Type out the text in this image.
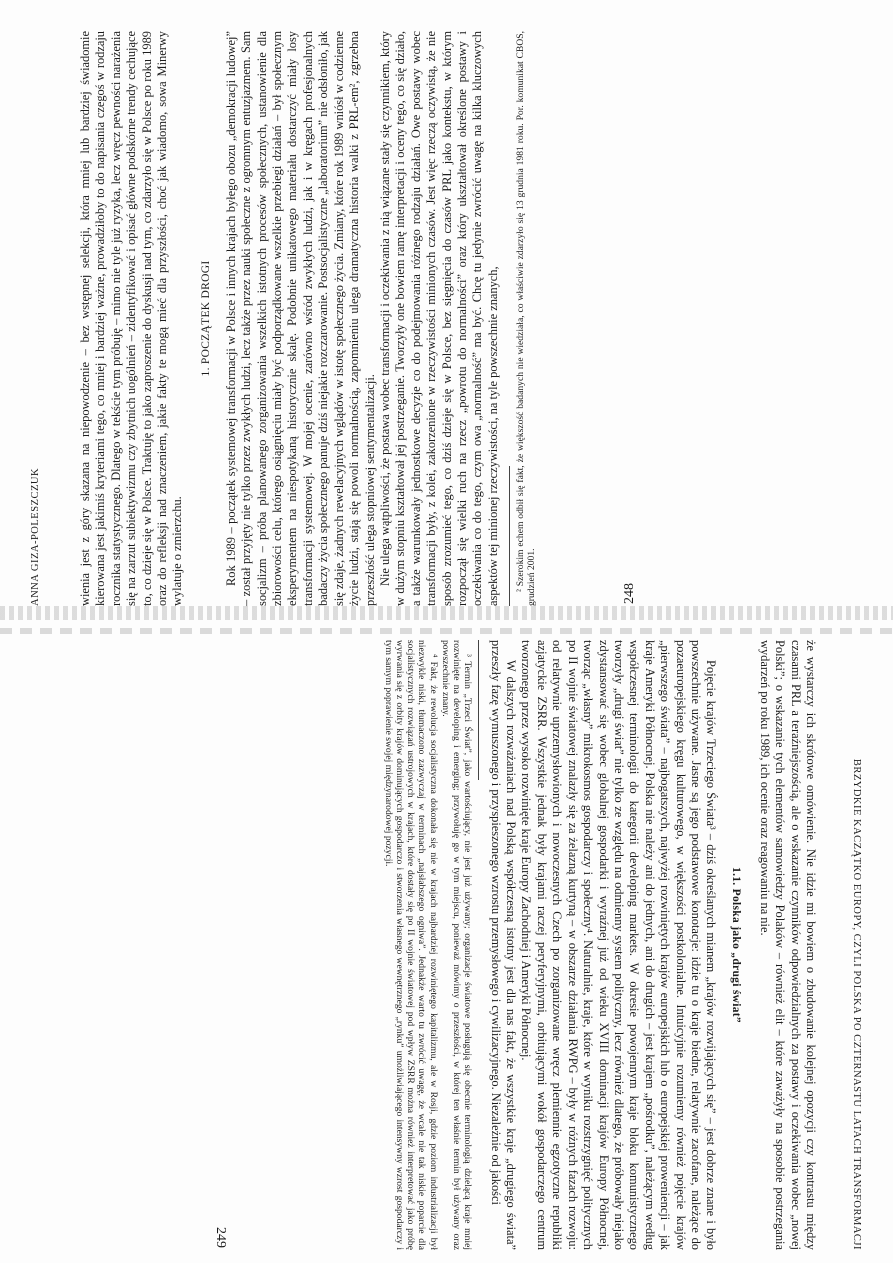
ANNA GIZA-POLESZCZUK	248

wienia jest z góry skazana na niepowodzenie – bez wstępnej selekcji, która mniej lub bardziej świadomie kierowana jest jakimiś kryteriami tego, co mniej i bardziej ważne, prowadziłoby to do napisania czegoś w rodzaju rocznika statystycznego. Dlatego w tekście tym próbuję – mimo nie tyle już ryzyka, lecz wręcz pewności narażenia się na zarzut subiektywizmu czy zbytnich uogólnień – zidentyfikować i opisać główne podskórne trendy cechujące to, co dzieje się w Polsce. Traktuję to jako zaproszenie do dyskusji nad tym, co zdarzyło się w Polsce po roku 1989 oraz do refleksji nad znaczeniem, jakie fakty te mogą mieć dla przyszłości, choć jak wiadomo, sowa Minerwy wylatuje o zmierzchu.

1. POCZĄTEK DROGI Rok 1989 – początek systemowej transformacji w Polsce i innych krajach byłego obozu „demokracji ludowej” – został przyjęty nie tylko przez zwykłych ludzi, lecz także przez nauki społeczne z ogromnym entuzjazmem. Sam socjalizm – próba planowanego zorganizowania wszelkich istotnych procesów społecznych, ustanowienie dla zbiorowości celu, którego osiągnięciu miały być podporządkowane wszelkie przebiegi działań – był społecznym eksperymentem na niespotykaną historycznie skalę. Podobnie unikatowego materiału dostarczyć miały losy transformacji systemowej. W mojej ocenie, zarówno wśród zwykłych ludzi, jak i w kręgach profesjonalnych badaczy życia społecznego panuje dziś niejakie rozczarowanie. Postsocjalistyczne „laboratorium” nie odsłoniło, jak się zdaje, żadnych rewelacyjnych wglądów w istotę społecznego życia. Zmiany, które rok 1989 wniósł w codzienne życie ludzi, stają się powoli normalnością, zapomnieniu ulega dramatyczna historia walki z PRL-em², zgrzebna przeszłość ulega stopniowej sentymentalizacji. Nie ulega wątpliwości, że postawa wobec transformacji i oczekiwania z nią wiązane stały się czynnikiem, który w dużym stopniu kształtował jej postrzeganie. Tworzyły one bowiem ramę interpretacji i oceny tego, co się działo, a także warunkowały jednostkowe decyzje co do podejmowania różnego rodzaju działań. Owe postawy wobec transformacji były, z kolei, zakorzenione w rzeczywistości minionych czasów. Jest więc rzeczą oczywistą, że nie sposób zrozumieć tego, co dziś dzieje się w Polsce, bez sięgnięcia do czasów PRL jako kontekstu, w którym rozpoczął się wielki ruch na rzecz „powrotu do normalności” oraz który ukształtował określone postawy i oczekiwania co do tego, czym owa „normalność” ma być. Chcę tu jedynie zwrócić uwagę na kilka kluczowych aspektów tej minionej rzeczywistości, na tyle powszechnie znanych, ² Szerokim echem odbił się fakt, że większość badanych nie wiedziała, co właściwie zdarzyło się 13 grudnia 1981 roku. Por. komunikat CBOS, grudzień 2001.

BRZYDKIE KACZĄTKO EUROPY, CZYLI POLSKA PO CZTERNASTU LATACH TRANSFORMACJI
249	że wystarczy ich skrótowe omówienie. Nie idzie mi bowiem o zbudowanie kolejnej opozycji czy kontrastu między czasami PRL a teraźniejszością, ale o wskazanie czynników odpowiedzialnych za postawy i oczekiwania wobec „nowej Polski”; o wskazanie tych elementów samowiedzy Polaków – również elit – które zaważyły na sposobie postrzegania wydarzeń po roku 1989, ich ocenie oraz reagowaniu na nie.

1.1. Polska jako „drugi świat”

Pojęcie krajów Trzeciego Świata³ – dziś określanych mianem „krajów rozwijających się” – jest dobrze znane i było powszechnie używane. Jasne są jego podstawowe konotacje: idzie tu o kraje biedne, relatywnie zacofane, należące do pozaeuropejskiego kręgu kulturowego, w większości postkolonialne. Intuicyjnie rozumiemy również pojęcie krajów „pierwszego świata” – najbogatszych, najwyżej rozwiniętych krajów europejskich lub o europejskiej proweniencji – jak kraje Ameryki Północnej. Polska nie należy ani do jednych, ani do drugich – jest krajem „pośrodku”, należącym według współczesnej terminologii do kategorii developing markets. W okresie powojennym kraje bloku komunistycznego tworzyły „drugi świat” nie tylko ze względu na odmienny system polityczny, lecz również dlatego, że próbowały niejako zdystansować się wobec globalnej gospodarki i wyraźnej już od wieku XVIII dominacji krajów Europy Północnej, tworząc „własny” mikrokosmos gospodarczy i społeczny⁴. Naturalnie, kraje, które w wyniku rozstrzygnięć politycznych po II wojnie światowej znalazły się za żelazną kurtyną – w obszarze działania RWPG – były w różnych fazach rozwoju: od relatywnie uprzemysłowionych i nowoczesnych Czech po zorganizowane wręcz plemiennie egzotyczne republiki azjatyckie ZSRR. Wszystkie jednak były krajami raczej peryferyjnymi, orbitującymi wokół gospodarczego centrum tworzonego przez wysoko rozwinięte kraje Europy Zachodniej i Ameryki Północnej.

W dalszych rozważaniach nad Polską współczesną istotny jest dla nas fakt, że wszystkie kraje „drugiego świata” przeszły fazę wymuszonego i przyspieszonego wzrostu przemysłowego i cywilizacyjnego. Niezależnie od jakości

³ Termin „Trzeci Świat”, jako wartościujący, nie jest już używany; organizacje światowe posługują się obecnie terminologią dzielącą kraje mniej rozwinięte na developing i emerging; przywołuję go w tym miejscu, ponieważ mówimy o przeszłości, w której ten właśnie termin był używany oraz powszechnie znany.

⁴ Fakt, że rewolucja socjalistyczna dokonała się nie w krajach najbardziej rozwiniętego kapitalizmu, ale w Rosji, gdzie poziom industrializacji był niezwykle niski, tłumaczono zazwyczaj w terminach „najsłabszego ogniwa”. Jednakże warto tu zwrócić uwagę, że wcale nie tak niskie poparcie dla socjalistycznych rozwiązań ustrojowych w krajach, które dostały się po II wojnie światowej pod wpływ ZSRR można również interpretować jako próbę wyrwania się z orbity krajów dominujących gospodarczo i stworzenia własnego wewnętrznego „rynku” umożliwiającego intensywny wzrost gospodarczy i tym samym poprawienie swojej międzynarodowej pozycji.
